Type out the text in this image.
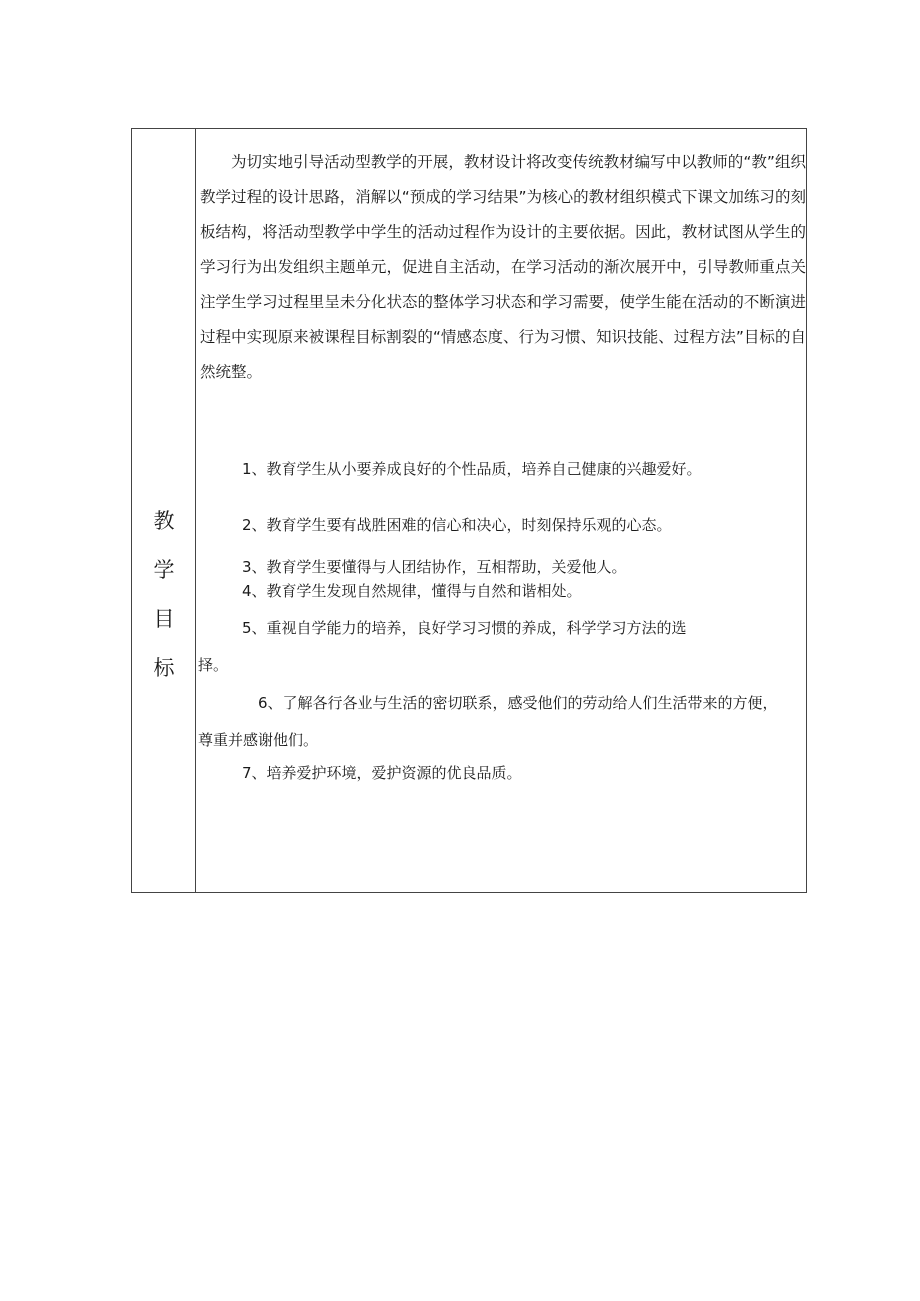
教
学
目
标

为切实地引导活动型教学的开展，教材设计将改变传统教材编写中以教师的“教”组织教学过程的设计思路，消解以“预成的学习结果”为核心的教材组织模式下课文加练习的刻板结构，将活动型教学中学生的活动过程作为设计的主要依据。因此，教材试图从学生的学习行为出发组织主题单元，促进自主活动，在学习活动的渐次展开中，引导教师重点关注学生学习过程里呈未分化状态的整体学习状态和学习需要，使学生能在活动的不断演进过程中实现原来被课程目标割裂的“情感态度、行为习惯、知识技能、过程方法”目标的自然统整。

1、教育学生从小要养成良好的个性品质，培养自己健康的兴趣爱好。

2、教育学生要有战胜困难的信心和决心，时刻保持乐观的心态。

3、教育学生要懂得与人团结协作，互相帮助，关爱他人。

4、教育学生发现自然规律，懂得与自然和谐相处。

5、重视自学能力的培养，良好学习习惯的养成，科学学习方法的选

择。

6、了解各行各业与生活的密切联系，感受他们的劳动给人们生活带来的方便，

尊重并感谢他们。

7、培养爱护环境，爱护资源的优良品质。
